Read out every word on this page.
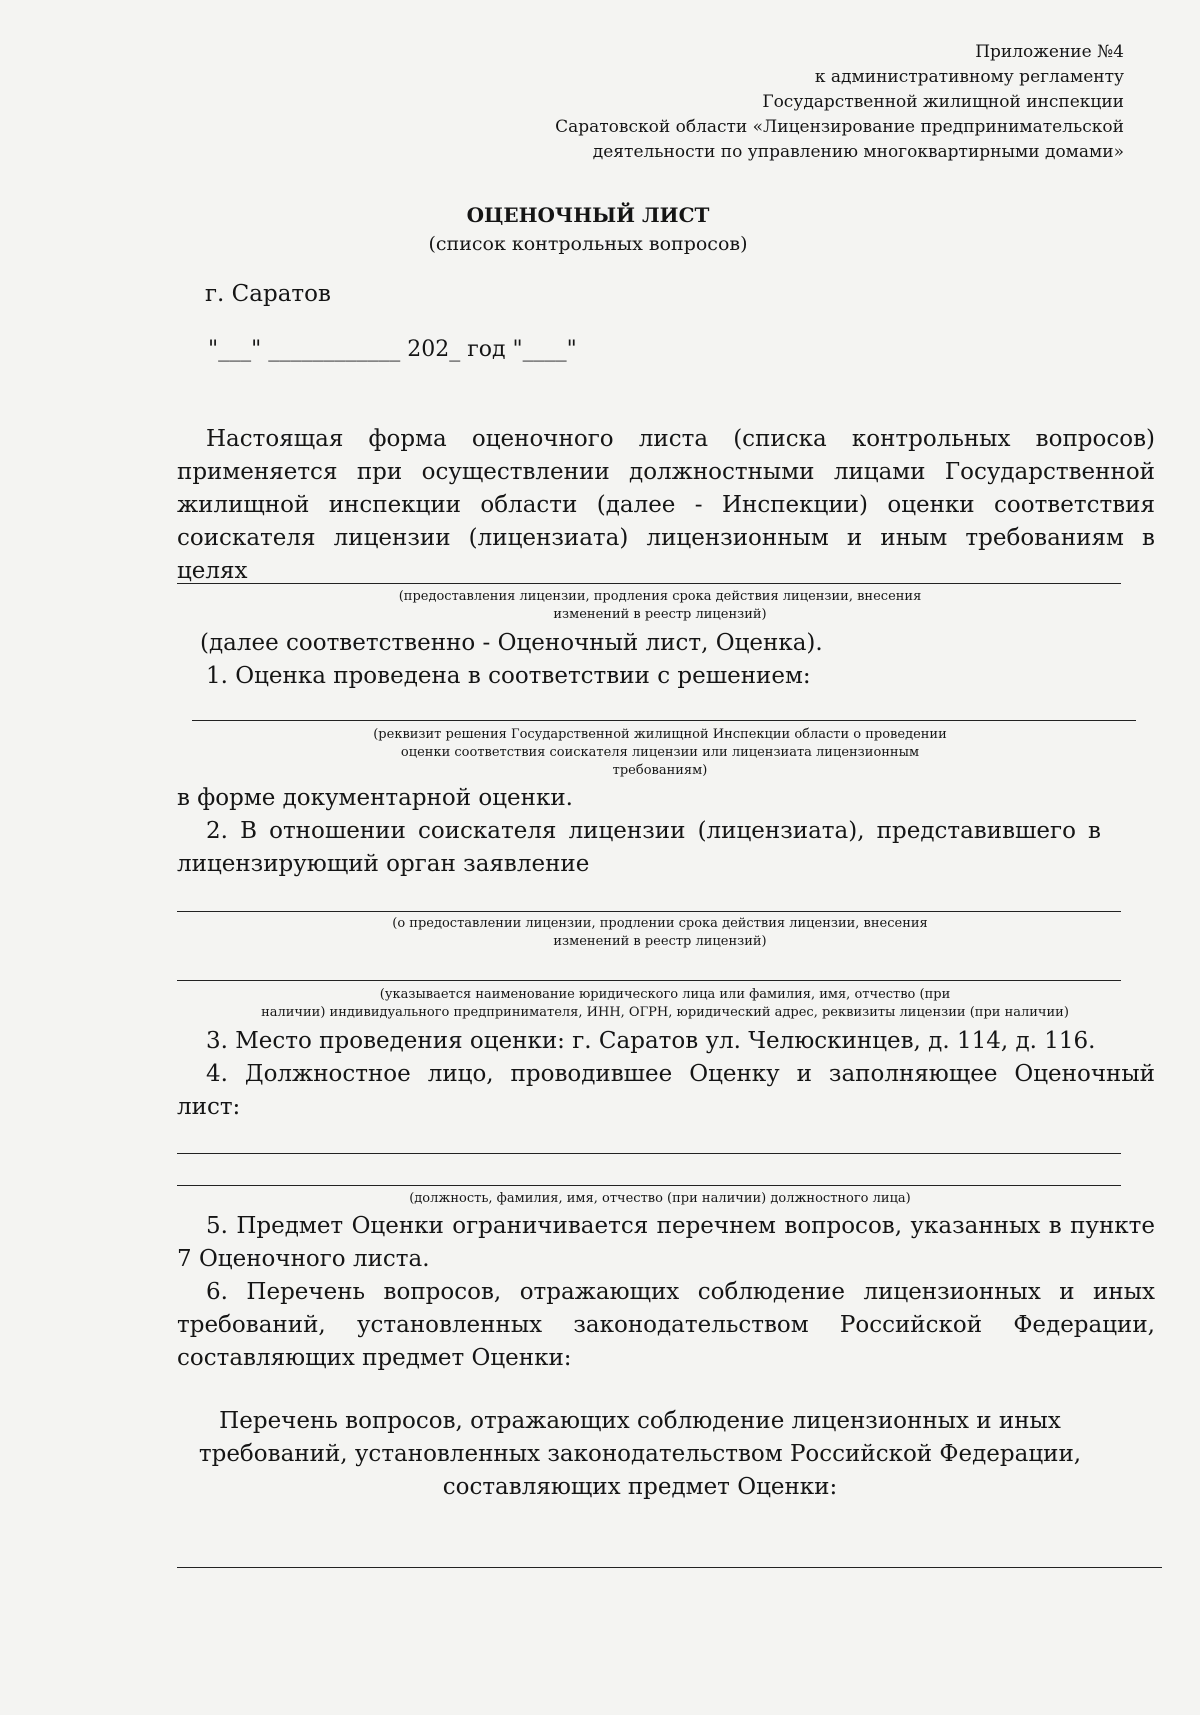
Приложение №4
к административному регламенту
Государственной жилищной инспекции
Саратовской области «Лицензирование предпринимательской
деятельности по управлению многоквартирными домами»
ОЦЕНОЧНЫЙ ЛИСТ
(список контрольных вопросов)
г. Саратов
"___" ____________ 202_ год "____"
Настоящая форма оценочного листа (списка контрольных вопросов) применяется при осуществлении должностными лицами Государственной жилищной инспекции области (далее - Инспекции) оценки соответствия соискателя лицензии (лицензиата) лицензионным и иным требованиям в целях
(предоставления лицензии, продления срока действия лицензии, внесения
изменений в реестр лицензий)
(далее соответственно - Оценочный лист, Оценка).
1. Оценка проведена в соответствии с решением:
(реквизит решения Государственной жилищной Инспекции области о проведении
оценки соответствия соискателя лицензии или лицензиата лицензионным
требованиям)
в форме документарной оценки.
2. В отношении соискателя лицензии (лицензиата), представившего в лицензирующий орган заявление
(о предоставлении лицензии, продлении срока действия лицензии, внесения
изменений в реестр лицензий)
(указывается наименование юридического лица или фамилия, имя, отчество (при
наличии) индивидуального предпринимателя, ИНН, ОГРН, юридический адрес, реквизиты лицензии (при наличии)
3. Место проведения оценки: г. Саратов ул. Челюскинцев, д. 114, д. 116.
4. Должностное лицо, проводившее Оценку и заполняющее Оценочный лист:
(должность, фамилия, имя, отчество (при наличии) должностного лица)
5. Предмет Оценки ограничивается перечнем вопросов, указанных в пункте 7 Оценочного листа.
6. Перечень вопросов, отражающих соблюдение лицензионных и иных требований, установленных законодательством Российской Федерации, составляющих предмет Оценки:
Перечень вопросов, отражающих соблюдение лицензионных и иных требований, установленных законодательством Российской Федерации, составляющих предмет Оценки:
